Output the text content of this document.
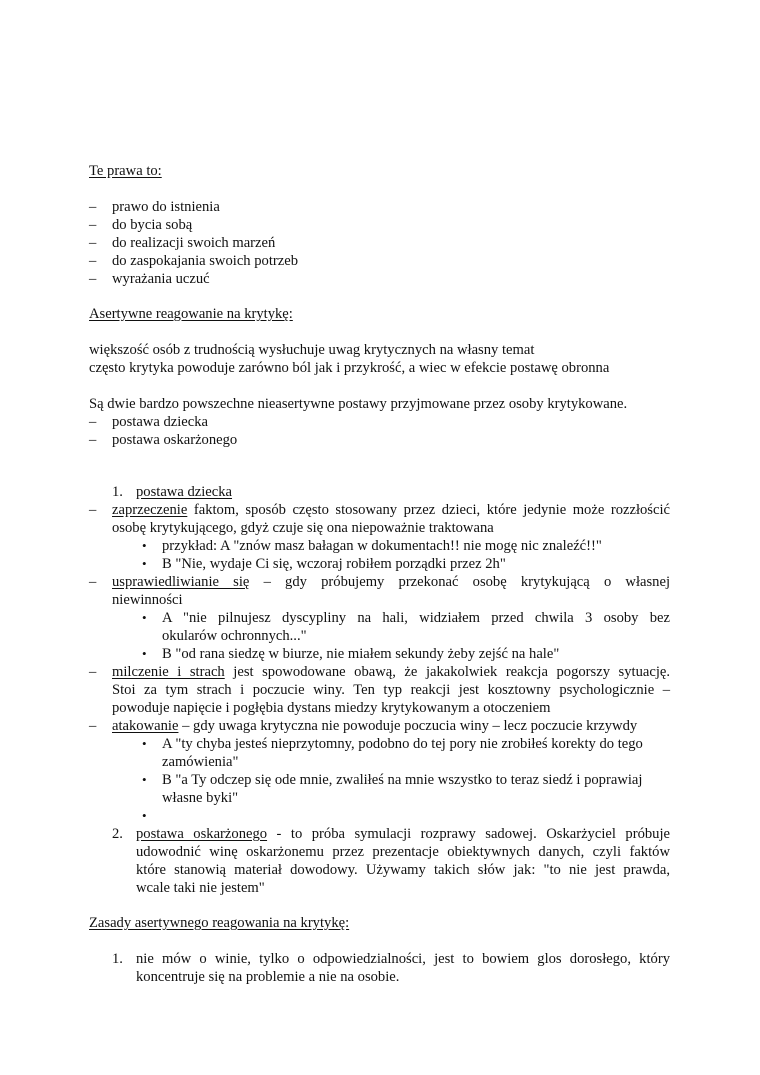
Te prawa to:
– prawo do istnienia
– do bycia sobą
– do realizacji swoich marzeń
– do zaspokajania swoich potrzeb
– wyrażania uczuć
Asertywne reagowanie na krytykę:
większość osób z trudnością wysłuchuje uwag krytycznych na własny temat
często krytyka powoduje zarówno ból jak i przykrość, a wiec w efekcie postawę obronna
Są dwie bardzo powszechne nieasertywne postawy przyjmowane przez osoby krytykowane.
– postawa dziecka
– postawa oskarżonego
1. postawa dziecka
– zaprzeczenie faktom, sposób często stosowany przez dzieci, które jedynie może rozzłościć
osobę krytykującego, gdyż czuje się ona niepoważnie traktowana
• przykład: A "znów masz bałagan w dokumentach!! nie mogę nic znaleźć!!"
• B "Nie, wydaje Ci się, wczoraj robiłem porządki przez 2h"
– usprawiedliwianie się – gdy próbujemy przekonać osobę krytykującą o własnej
niewinności
• A "nie pilnujesz dyscypliny na hali, widziałem przed chwila 3 osoby bez
okularów ochronnych..."
• B "od rana siedzę w biurze, nie miałem sekundy żeby zejść na hale"
– milczenie i strach jest spowodowane obawą, że jakakolwiek reakcja pogorszy sytuację.
Stoi za tym strach i poczucie winy. Ten typ reakcji jest kosztowny psychologicznie –
powoduje napięcie i pogłębia dystans miedzy krytykowanym a otoczeniem
– atakowanie – gdy uwaga krytyczna nie powoduje poczucia winy – lecz poczucie krzywdy
• A "ty chyba jesteś nieprzytomny, podobno do tej pory nie zrobiłeś korekty do tego
zamówienia"
• B "a Ty odczep się ode mnie, zwaliłeś na mnie wszystko to teraz siedź i poprawiaj
własne byki"
•
2. postawa oskarżonego - to próba symulacji rozprawy sadowej. Oskarżyciel próbuje
udowodnić winę oskarżonemu przez prezentacje obiektywnych danych, czyli faktów
które stanowią materiał dowodowy. Używamy takich słów jak: "to nie jest prawda,
wcale taki nie jestem"
Zasady asertywnego reagowania na krytykę:
1. nie mów o winie, tylko o odpowiedzialności, jest to bowiem glos dorosłego, który
koncentruje się na problemie a nie na osobie.
